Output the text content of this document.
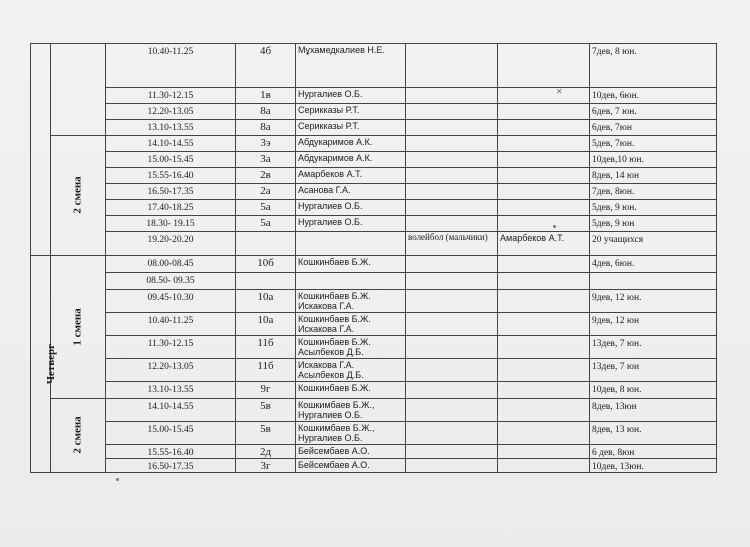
		10.40-11.25	4б	Мұхамедкалиев Н.Е.			7дев, 8 юн.
		11.30-12.15	1в	Нургалиев О.Б.			10дев, 6юн.
		12.20-13.05	8а	Серикказы Р.Т.			6дев, 7 юн.
		13.10-13.55	8а	Серикказы Р.Т.			6дев, 7юн
	2 смена	14.10-14.55	3э	Абдукаримов А.К.			5дев, 7юн.
		15.00-15.45	3а	Абдукаримов А.К.			10дев,10 юн.
		15.55-16.40	2в	Амарбеков А.Т.			8дев, 14 юн
		16.50-17.35	2а	Асанова Г.А.			7дев, 8юн.
		17.40-18.25	5а	Нургалиев О.Б.			5дев, 9 юн.
		18.30- 19.15	5а	Нургалиев О.Б.			5дев, 9 юн
		19.20-20.20			волейбол (мальчики)	Амарбеков А.Т.	20 учащихся
Четверг	1 смена	08.00-08.45	10б	Кошкинбаев Б.Ж.			4дев, 6юн.
		08.50- 09.35					
		09.45-10.30	10а	Кошкинбаев Б.Ж.
Искакова Г.А.			9дев, 12 юн.
		10.40-11.25	10а	Кошкинбаев Б.Ж.
Искакова Г.А.			9дев, 12 юн
		11.30-12.15	11б	Кошкинбаев Б.Ж.
Асылбеков Д.Б.			13дев, 7 юн.
		12.20-13.05	11б	Искакова Г.А.
Асылбеков Д.Б.			13дев, 7 юн
		13.10-13.55	9г	Кошкинбаев Б.Ж.			10дев, 8 юн.
	2 смена	14.10-14.55	5в	Кошкимбаев Б.Ж.,
Нургалиев О.Б.			8дев, 13юн
		15.00-15.45	5в	Кошкимбаев Б.Ж.,
Нургалиев О.Б.			8дев, 13 юн.
		15.55-16.40	2д	Бейсембаев А.О.			6 дев, 8юн
		16.50-17.35	3г	Бейсембаев А.О.			10дев, 13юн.
✕
